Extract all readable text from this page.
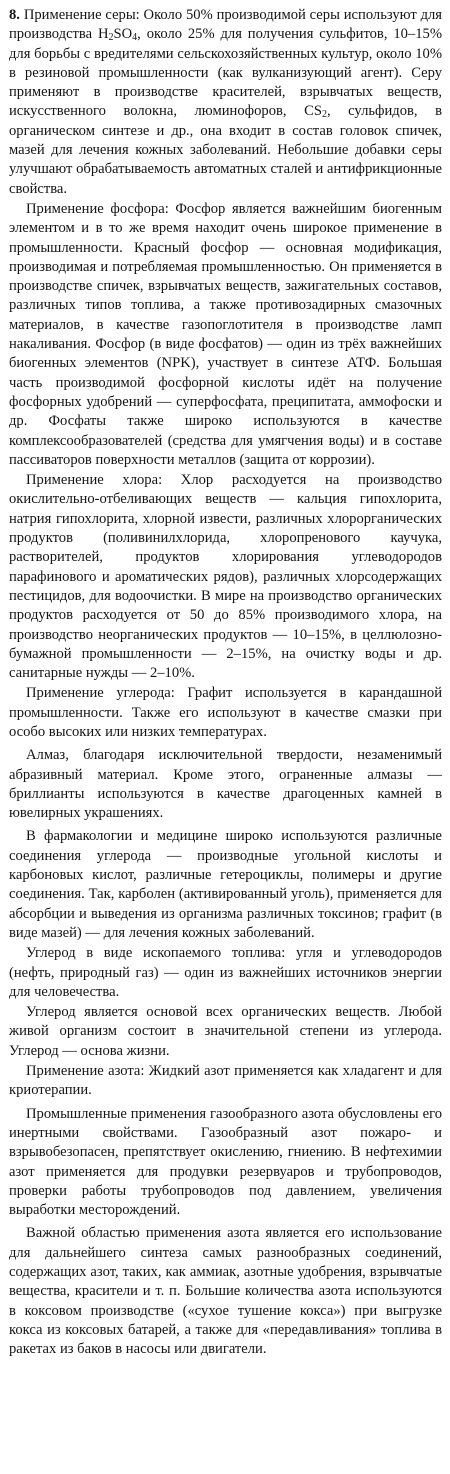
8. Применение серы: Около 50% производимой серы используют для производства $H_2SO_4$, около 25% для получения сульфитов, 10–15% для борьбы с вредителями сельскохозяйственных культур, около 10% в резиновой промышленности (как вулканизующий агент). Серу применяют в производстве красителей, взрывчатых веществ, искусственного волокна, люминофоров, $CS_2$, сульфидов, в органическом синтезе и др., она входит в состав головок спичек, мазей для лечения кожных заболеваний. Небольшие добавки серы улучшают обрабатываемость автоматных сталей и антифрикционные свойства.

Применение фосфора: Фосфор является важнейшим биогенным элементом и в то же время находит очень широкое применение в промышленности. Красный фосфор — основная модификация, производимая и потребляемая промышленностью. Он применяется в производстве спичек, взрывчатых веществ, зажигательных составов, различных типов топлива, а также противозадирных смазочных материалов, в качестве газопоглотителя в производстве ламп накаливания. Фосфор (в виде фосфатов) — один из трёх важнейших биогенных элементов (NPK), участвует в синтезе АТФ. Большая часть производимой фосфорной кислоты идёт на получение фосфорных удобрений — суперфосфата, преципитата, аммофоски и др. Фосфаты также широко используются в качестве комплексообразователей (средства для умягчения воды) и в составе пассиваторов поверхности металлов (защита от коррозии).

Применение хлора: Хлор расходуется на производство окислительно-отбеливающих веществ — кальция гипохлорита, натрия гипохлорита, хлорной извести, различных хлорорганических продуктов (поливинилхлорида, хлоропренового каучука, растворителей, продуктов хлорирования углеводородов парафинового и ароматических рядов), различных хлорсодержащих пестицидов, для водоочистки. В мире на производство органических продуктов расходуется от 50 до 85% производимого хлора, на производство неорганических продуктов — 10–15%, в целлюлозно-бумажной промышленности — 2–15%, на очистку воды и др. санитарные нужды — 2–10%.

Применение углерода: Графит используется в карандашной промышленности. Также его используют в качестве смазки при особо высоких или низких температурах.

Алмаз, благодаря исключительной твердости, незаменимый абразивный материал. Кроме этого, ограненные алмазы — бриллианты используются в качестве драгоценных камней в ювелирных украшениях.

В фармакологии и медицине широко используются различные соединения углерода — производные угольной кислоты и карбоновых кислот, различные гетероциклы, полимеры и другие соединения. Так, карболен (активированный уголь), применяется для абсорбции и выведения из организма различных токсинов; графит (в виде мазей) — для лечения кожных заболеваний.

Углерод в виде ископаемого топлива: угля и углеводородов (нефть, природный газ) — один из важнейших источников энергии для человечества.

Углерод является основой всех органических веществ. Любой живой организм состоит в значительной степени из углерода. Углерод — основа жизни.

Применение азота: Жидкий азот применяется как хладагент и для криотерапии.

Промышленные применения газообразного азота обусловлены его инертными свойствами. Газообразный азот пожаро- и взрывобезопасен, препятствует окислению, гниению. В нефтехимии азот применяется для продувки резервуаров и трубопроводов, проверки работы трубопроводов под давлением, увеличения выработки месторождений.

Важной областью применения азота является его использование для дальнейшего синтеза самых разнообразных соединений, содержащих азот, таких, как аммиак, азотные удобрения, взрывчатые вещества, красители и т. п. Большие количества азота используются в коксовом производстве («сухое тушение кокса») при выгрузке кокса из коксовых батарей, а также для «передавливания» топлива в ракетах из баков в насосы или двигатели.
